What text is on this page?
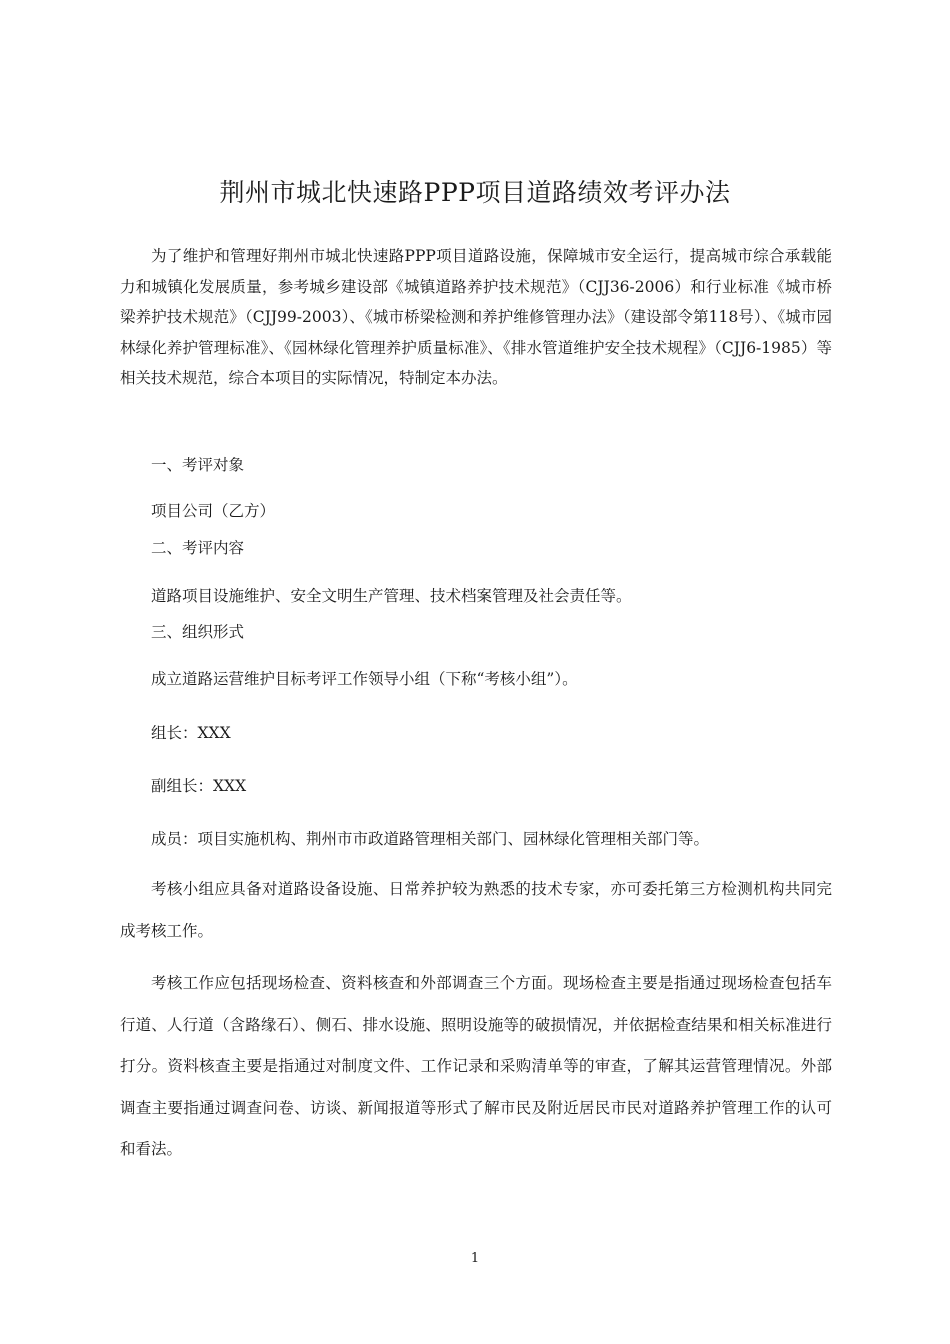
荆州市城北快速路PPP项目道路绩效考评办法

为了维护和管理好荆州市城北快速路PPP项目道路设施，保障城市安全运行，提高城市综合承载能力和城镇化发展质量，参考城乡建设部《城镇道路养护技术规范》（CJJ36-2006）和行业标准《城市桥梁养护技术规范》（CJJ99-2003）、《城市桥梁检测和养护维修管理办法》（建设部令第118号）、《城市园林绿化养护管理标准》、《园林绿化管理养护质量标准》、《排水管道维护安全技术规程》（CJJ6-1985）等相关技术规范，综合本项目的实际情况，特制定本办法。

一、考评对象

项目公司（乙方）

二、考评内容

道路项目设施维护、安全文明生产管理、技术档案管理及社会责任等。

三、组织形式

成立道路运营维护目标考评工作领导小组（下称“考核小组”）。

组长：XXX

副组长：XXX

成员：项目实施机构、荆州市市政道路管理相关部门、园林绿化管理相关部门等。

考核小组应具备对道路设备设施、日常养护较为熟悉的技术专家，亦可委托第三方检测机构共同完成考核工作。

考核工作应包括现场检查、资料核查和外部调查三个方面。现场检查主要是指通过现场检查包括车行道、人行道（含路缘石）、侧石、排水设施、照明设施等的破损情况，并依据检查结果和相关标准进行打分。资料核查主要是指通过对制度文件、工作记录和采购清单等的审查，了解其运营管理情况。外部调查主要指通过调查问卷、访谈、新闻报道等形式了解市民及附近居民市民对道路养护管理工作的认可和看法。

1
